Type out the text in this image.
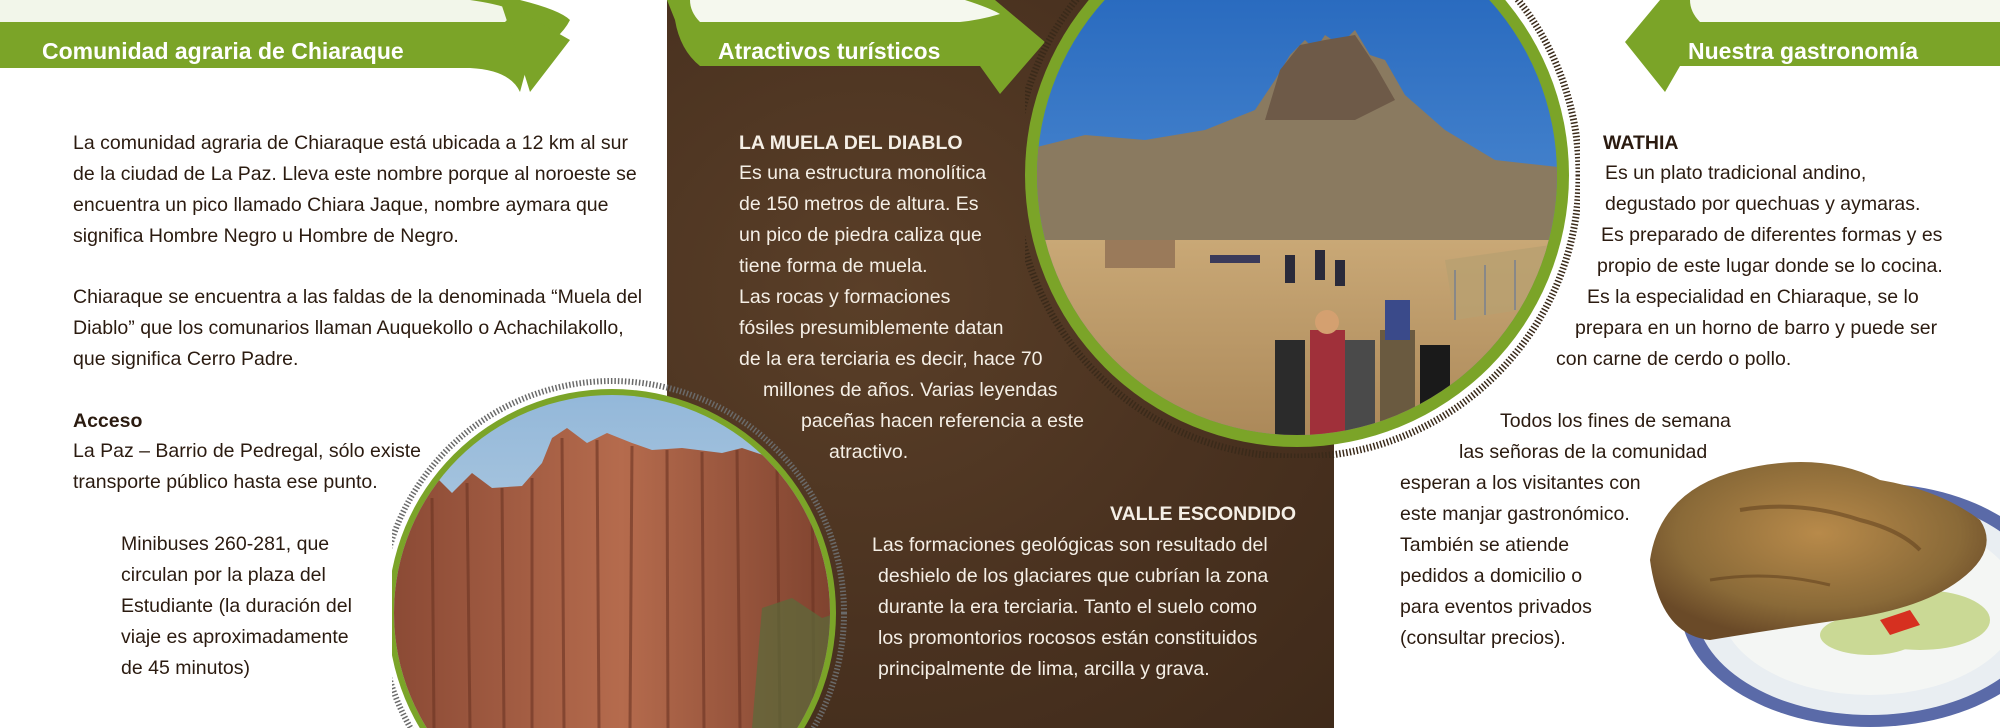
Comunidad agraria de Chiaraque	Atractivos turísticos	Nuestra gastronomía
La comunidad agraria de Chiaraque está ubicada a 12 km al sur
de la ciudad de La Paz. Lleva este nombre porque al noroeste se
encuentra un pico llamado Chiara Jaque, nombre aymara que
significa Hombre Negro u Hombre de Negro.
Chiaraque se encuentra a las faldas de la denominada “Muela del
Diablo” que los comunarios llaman Auquekollo o Achachilakollo,
que significa Cerro Padre.
Acceso
La Paz – Barrio de Pedregal, sólo existe
transporte público hasta ese punto.
Minibuses 260-281, que
circulan por la plaza del
Estudiante (la duración del
viaje es aproximadamente
de 45 minutos)
LA MUELA DEL DIABLO
Es una estructura monolítica
de 150 metros de altura. Es
un pico de piedra caliza que
tiene forma de muela.
Las rocas y formaciones
fósiles presumiblemente datan
de la era terciaria es decir, hace 70
millones de años. Varias leyendas
paceñas hacen referencia a este
atractivo.
VALLE ESCONDIDO
Las formaciones geológicas son resultado del
deshielo de los glaciares que cubrían la zona
durante la era terciaria. Tanto el suelo como
los promontorios rocosos están constituidos
principalmente de lima, arcilla y grava.
WATHIA
Es un plato tradicional andino,
degustado por quechuas y aymaras.
Es preparado de diferentes formas y es
propio de este lugar donde se lo cocina.
Es la especialidad en Chiaraque, se lo
prepara en un horno de barro y puede ser
con carne de cerdo o pollo.
Todos los fines de semana
las señoras de la comunidad
esperan a los visitantes con
este manjar gastronómico.
También se atiende
pedidos a domicilio o
para eventos privados
(consultar precios).
